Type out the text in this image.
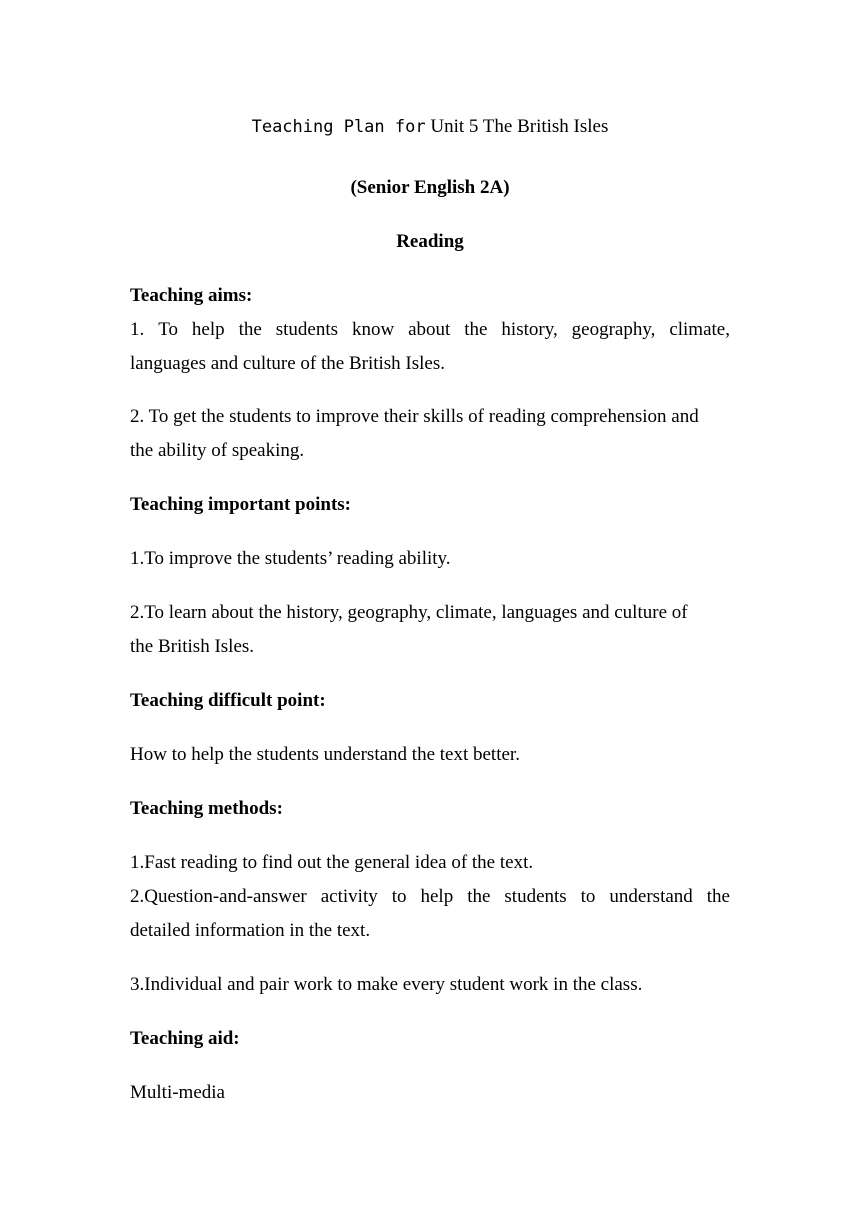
Teaching Plan for Unit 5 The British Isles
(Senior English 2A)
Reading
Teaching aims:
1. To help the students know about the history, geography, climate,
languages and culture of the British Isles.
2. To get the students to improve their skills of reading comprehension and
the ability of speaking.
Teaching important points:
1.To improve the students’ reading ability.
2.To learn about the history, geography, climate, languages and culture of
the British Isles.
Teaching difficult point:
How to help the students understand the text better.
Teaching methods:
1.Fast reading to find out the general idea of the text.
2.Question-and-answer activity to help the students to understand the
detailed information in the text.
3.Individual and pair work to make every student work in the class.
Teaching aid:
Multi-media
